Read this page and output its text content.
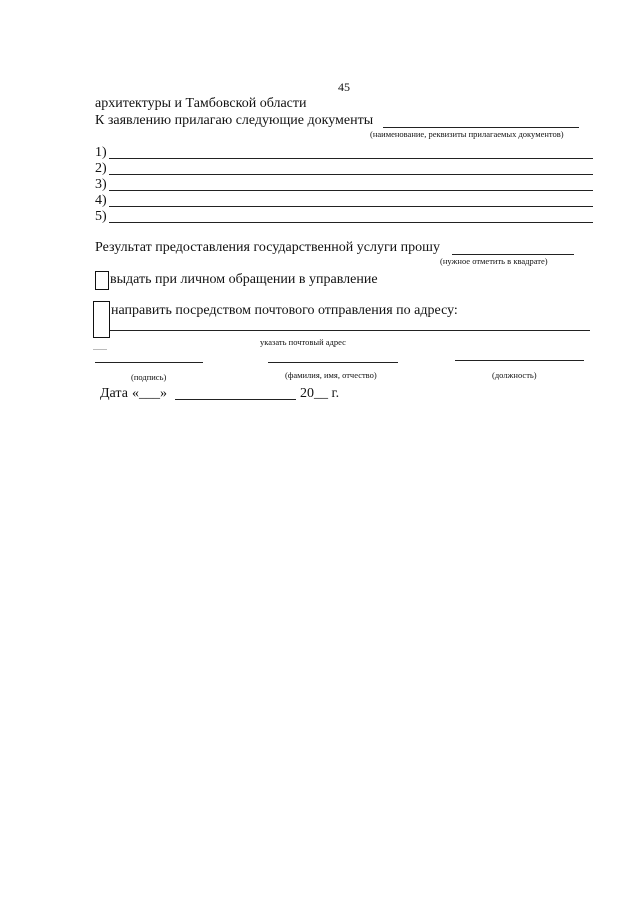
45
архитектуры и Тамбовской области
К заявлению прилагаю следующие документы
(наименование, реквизиты прилагаемых документов)
1)
2)
3)
4)
5)
Результат предоставления государственной услуги прошу
(нужное отметить в квадрате)
выдать при личном обращении в управление
направить посредством почтового отправления по адресу:
указать почтовый адрес
(подпись)	(фамилия, имя, отчество)	(должность)
Дата «___»	20__ г.
